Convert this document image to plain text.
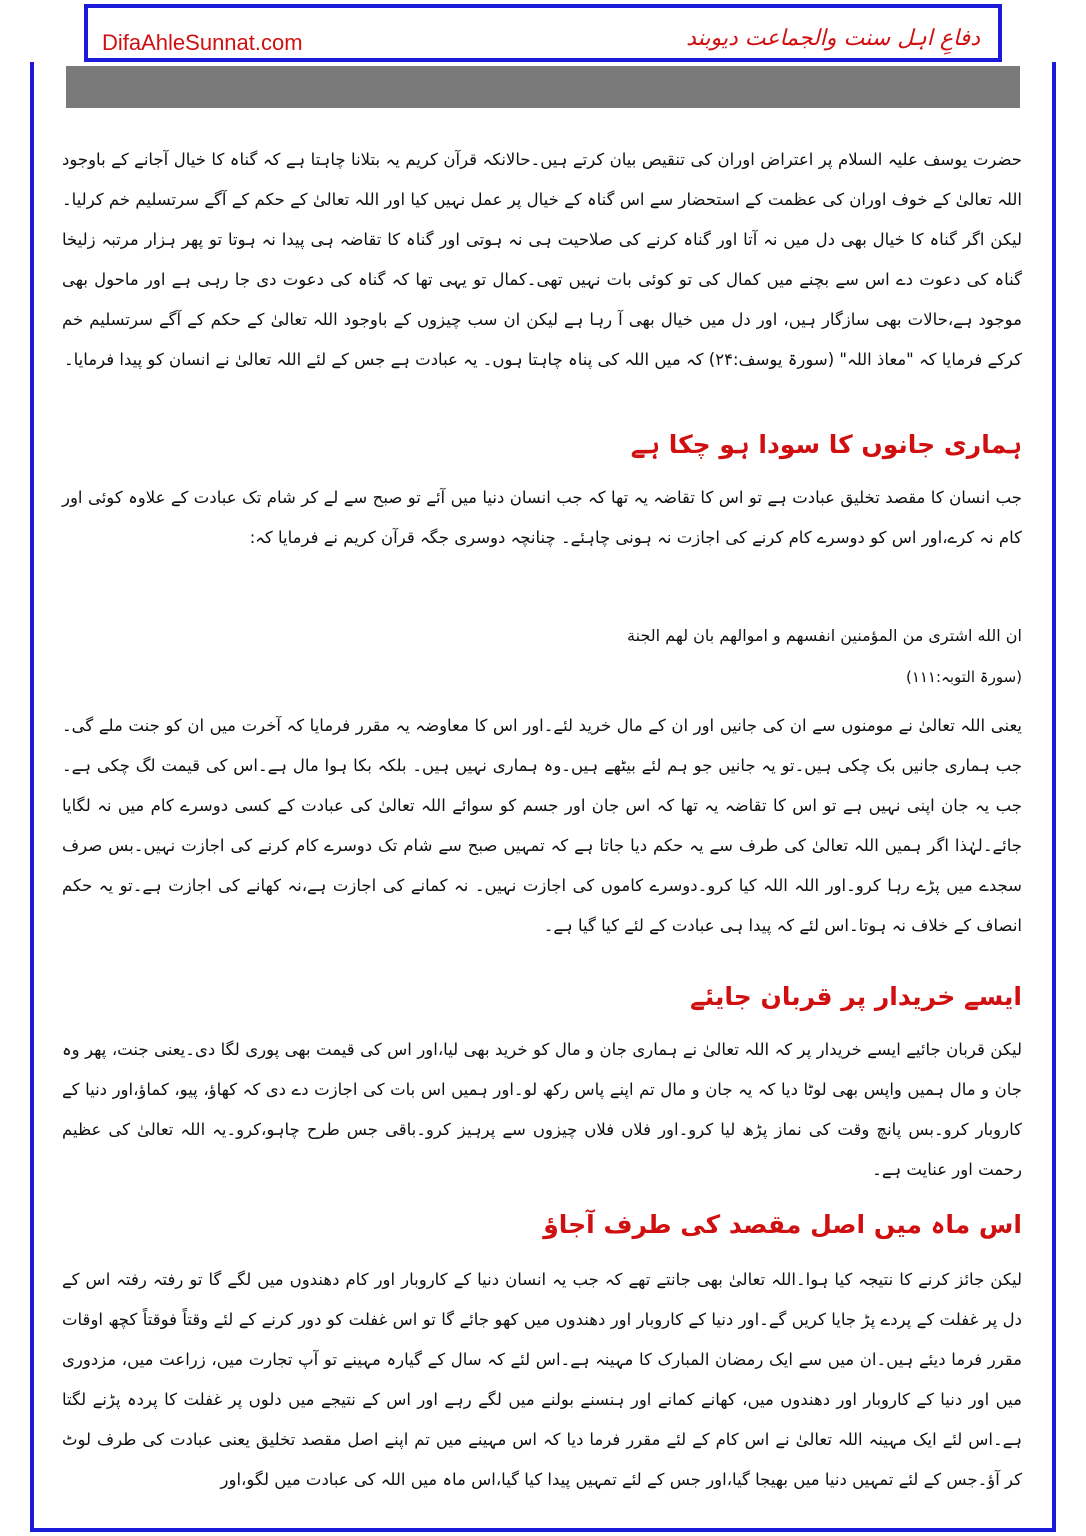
DifaAhleSunnat.com	دفاعِ اہل سنت والجماعت دیوبند

حضرت یوسف علیہ السلام پر اعتراض اوران کی تنقیص بیان کرتے ہیں۔حالانکہ قرآن کریم یہ بتلانا چاہتا ہے کہ گناہ کا خیال آجانے کے باوجود اللہ تعالیٰ کے خوف اوران کی عظمت کے استحضار سے اس گناہ کے خیال پر عمل نہیں کیا اور اللہ تعالیٰ کے حکم کے آگے سرتسلیم خم کرلیا۔ لیکن اگر گناہ کا خیال بھی دل میں نہ آتا اور گناہ کرنے کی صلاحیت ہی نہ ہوتی اور گناہ کا تقاضہ ہی پیدا نہ ہوتا تو پھر ہزار مرتبہ زلیخا گناہ کی دعوت دے اس سے بچنے میں کمال کی تو کوئی بات نہیں تھی۔کمال تو یہی تھا کہ گناہ کی دعوت دی جا رہی ہے اور ماحول بھی موجود ہے،حالات بھی سازگار ہیں، اور دل میں خیال بھی آ رہا ہے لیکن ان سب چیزوں کے باوجود اللہ تعالیٰ کے حکم کے آگے سرتسلیم خم کرکے فرمایا کہ "معاذ اللہ" (سورۃ یوسف:۲۴) کہ میں اللہ کی پناہ چاہتا ہوں۔ یہ عبادت ہے جس کے لئے اللہ تعالیٰ نے انسان کو پیدا فرمایا۔

ہماری جانوں کا سودا ہو چکا ہے

جب انسان کا مقصد تخلیق عبادت ہے تو اس کا تقاضہ یہ تھا کہ جب انسان دنیا میں آئے تو صبح سے لے کر شام تک عبادت کے علاوہ کوئی اور کام نہ کرے،اور اس کو دوسرے کام کرنے کی اجازت نہ ہونی چاہئے۔ چنانچہ دوسری جگہ قرآن کریم نے فرمایا کہ:

ان الله اشترى من المؤمنين انفسهم و اموالهم بان لهم الجنة

(سورۃ التوبہ:۱۱۱)

یعنی اللہ تعالیٰ نے مومنوں سے ان کی جانیں اور ان کے مال خرید لئے۔اور اس کا معاوضہ یہ مقرر فرمایا کہ آخرت میں ان کو جنت ملے گی۔جب ہماری جانیں بک چکی ہیں۔تو یہ جانیں جو ہم لئے بیٹھے ہیں۔وہ ہماری نہیں ہیں۔ بلکہ بکا ہوا مال ہے۔اس کی قیمت لگ چکی ہے۔جب یہ جان اپنی نہیں ہے تو اس کا تقاضہ یہ تھا کہ اس جان اور جسم کو سوائے اللہ تعالیٰ کی عبادت کے کسی دوسرے کام میں نہ لگایا جائے۔لہٰذا اگر ہمیں اللہ تعالیٰ کی طرف سے یہ حکم دیا جاتا ہے کہ تمہیں صبح سے شام تک دوسرے کام کرنے کی اجازت نہیں۔بس صرف سجدے میں پڑے رہا کرو۔اور اللہ اللہ کیا کرو۔دوسرے کاموں کی اجازت نہیں۔ نہ کمانے کی اجازت ہے،نہ کھانے کی اجازت ہے۔تو یہ حکم انصاف کے خلاف نہ ہوتا۔اس لئے کہ پیدا ہی عبادت کے لئے کیا گیا ہے۔

ایسے خریدار پر قربان جایئے

لیکن قربان جائیے ایسے خریدار پر کہ اللہ تعالیٰ نے ہماری جان و مال کو خرید بھی لیا،اور اس کی قیمت بھی پوری لگا دی۔یعنی جنت، پھر وہ جان و مال ہمیں واپس بھی لوٹا دیا کہ یہ جان و مال تم اپنے پاس رکھ لو۔اور ہمیں اس بات کی اجازت دے دی کہ کھاؤ، پیو، کماؤ،اور دنیا کے کاروبار کرو۔بس پانچ وقت کی نماز پڑھ لیا کرو۔اور فلاں فلاں چیزوں سے پرہیز کرو۔باقی جس طرح چاہو،کرو۔یہ اللہ تعالیٰ کی عظیم رحمت اور عنایت ہے۔

اس ماہ میں اصل مقصد کی طرف آجاؤ

لیکن جائز کرنے کا نتیجہ کیا ہوا۔اللہ تعالیٰ بھی جانتے تھے کہ جب یہ انسان دنیا کے کاروبار اور کام دھندوں میں لگے گا تو رفتہ رفتہ اس کے دل پر غفلت کے پردے پڑ جایا کریں گے۔اور دنیا کے کاروبار اور دھندوں میں کھو جائے گا تو اس غفلت کو دور کرنے کے لئے وقتاً فوقتاً کچھ اوقات مقرر فرما دیئے ہیں۔ان میں سے ایک رمضان المبارک کا مہینہ ہے۔اس لئے کہ سال کے گیارہ مہینے تو آپ تجارت میں، زراعت میں، مزدوری میں اور دنیا کے کاروبار اور دھندوں میں، کھانے کمانے اور ہنسنے بولنے میں لگے رہے اور اس کے نتیجے میں دلوں پر غفلت کا پردہ پڑنے لگتا ہے۔اس لئے ایک مہینہ اللہ تعالیٰ نے اس کام کے لئے مقرر فرما دیا کہ اس مہینے میں تم اپنے اصل مقصد تخلیق یعنی عبادت کی طرف لوٹ کر آؤ۔جس کے لئے تمہیں دنیا میں بھیجا گیا،اور جس کے لئے تمہیں پیدا کیا گیا،اس ماہ میں اللہ کی عبادت میں لگو،اور
